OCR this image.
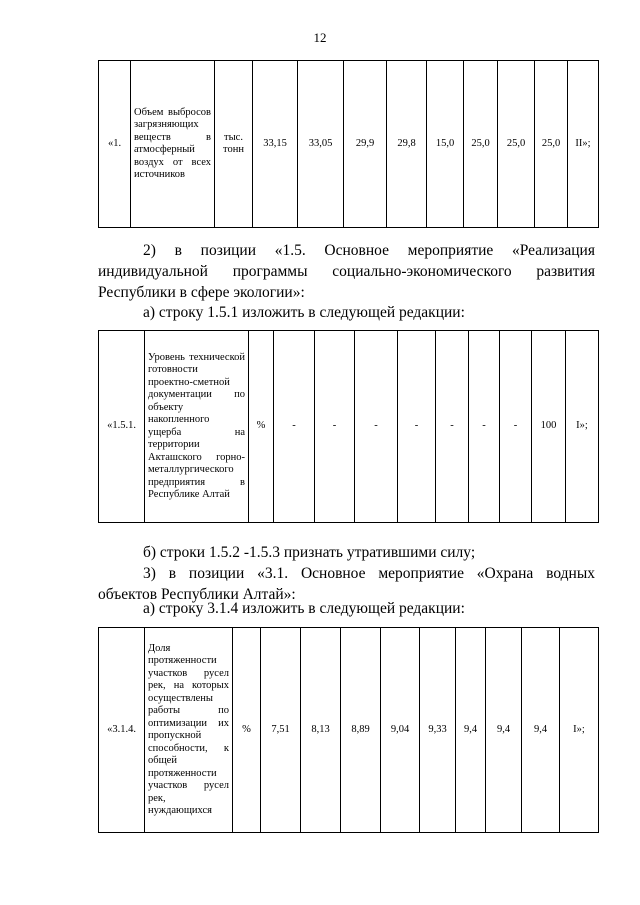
12
«1.	Объем выбросов загрязняющих веществ в атмосферный воздух от всех источников	тыс. тонн	33,15	33,05	29,9	29,8	15,0	25,0	25,0	25,0	II»;
2) в позиции «1.5. Основное мероприятие «Реализация индивидуальной программы социально-экономического развития Республики в сфере экологии»:
а) строку 1.5.1 изложить в следующей редакции:
«1.5.1.	Уровень технической готовности проектно-сметной документации по объекту накопленного ущерба на территории Акташского горно-металлургического предприятия в Республике Алтай	%	-	-	-	-	-	-	-	100	I»;
б) строки 1.5.2 -1.5.3 признать утратившими силу;
3) в позиции «3.1. Основное мероприятие «Охрана водных объектов Республики Алтай»:
а) строку 3.1.4 изложить в следующей редакции:
«3.1.4.	Доля протяженности участков русел рек, на которых осуществлены работы по оптимизации их пропускной способности, к общей протяженности участков русел рек, нуждающихся	%	7,51	8,13	8,89	9,04	9,33	9,4	9,4	9,4	I»;
